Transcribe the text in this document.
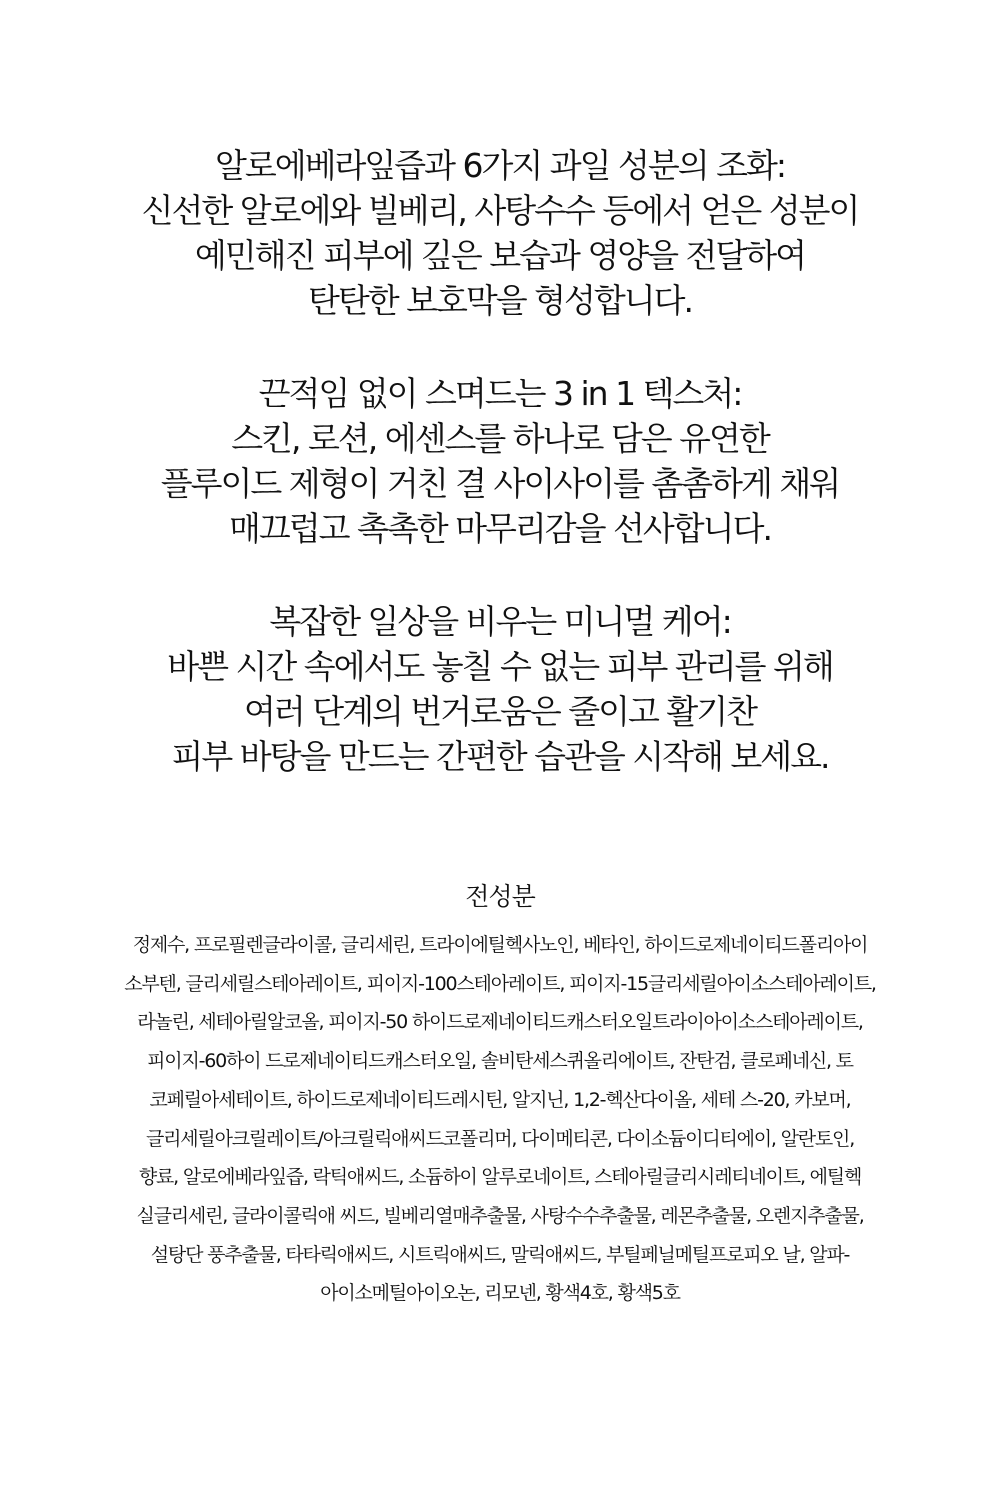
알로에베라잎즙과 6가지 과일 성분의 조화:
신선한 알로에와 빌베리, 사탕수수 등에서 얻은 성분이
예민해진 피부에 깊은 보습과 영양을 전달하여
탄탄한 보호막을 형성합니다.
끈적임 없이 스며드는 3 in 1 텍스처:
스킨, 로션, 에센스를 하나로 담은 유연한
플루이드 제형이 거친 결 사이사이를 촘촘하게 채워
매끄럽고 촉촉한 마무리감을 선사합니다.
복잡한 일상을 비우는 미니멀 케어:
바쁜 시간 속에서도 놓칠 수 없는 피부 관리를 위해
여러 단계의 번거로움은 줄이고 활기찬
피부 바탕을 만드는 간편한 습관을 시작해 보세요.
전성분
정제수, 프로필렌글라이콜, 글리세린, 트라이에틸헥사노인, 베타인, 하이드로제네이티드폴리아이
소부텐, 글리세릴스테아레이트, 피이지-100스테아레이트, 피이지-15글리세릴아이소스테아레이트,
라놀린, 세테아릴알코올, 피이지-50 하이드로제네이티드캐스터오일트라이아이소스테아레이트,
피이지-60하이 드로제네이티드캐스터오일, 솔비탄세스퀴올리에이트, 잔탄검, 클로페네신, 토
코페릴아세테이트, 하이드로제네이티드레시틴, 알지닌, 1,2-헥산다이올, 세테 스-20, 카보머,
글리세릴아크릴레이트/아크릴릭애씨드코폴리머, 다이메티콘, 다이소듐이디티에이, 알란토인,
향료, 알로에베라잎즙, 락틱애씨드, 소듐하이 알루로네이트, 스테아릴글리시레티네이트, 에틸헥
실글리세린, 글라이콜릭애 씨드, 빌베리열매추출물, 사탕수수추출물, 레몬추출물, 오렌지추출물,
설탕단 풍추출물, 타타릭애씨드, 시트릭애씨드, 말릭애씨드, 부틸페닐메틸프로피오 날, 알파-
아이소메틸아이오논, 리모넨, 황색4호, 황색5호
